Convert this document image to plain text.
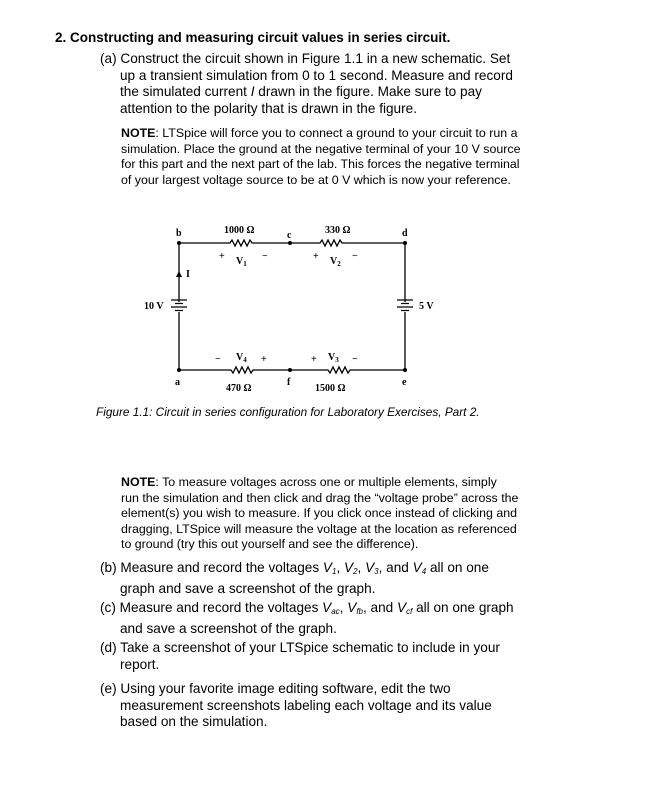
2. Constructing and measuring circuit values in series circuit.
(a) Construct the circuit shown in Figure 1.1 in a new schematic. Set
up a transient simulation from 0 to 1 second. Measure and record
the simulated current I drawn in the figure. Make sure to pay
attention to the polarity that is drawn in the figure.
NOTE: LTSpice will force you to connect a ground to your circuit to run a
simulation. Place the ground at the negative terminal of your 10 V source
for this part and the next part of the lab. This forces the negative terminal
of your largest voltage source to be at 0 V which is now your reference.
b	c	d
a	f	e
1000 Ω	330 Ω
1500 Ω
470 Ω
+ $V_1$
−	+ $V_2$
−
+ $V_3$ −
− $V_4$ +
I
10 V	5 V
Figure 1.1: Circuit in series configuration for Laboratory Exercises, Part 2.
NOTE: To measure voltages across one or multiple elements, simply
run the simulation and then click and drag the “voltage probe” across the
element(s) you wish to measure. If you click once instead of clicking and
dragging, LTSpice will measure the voltage at the location as referenced
to ground (try this out yourself and see the difference).
(b) Measure and record the voltages $V_1$, $V_2$, $V_3$, and $V_4$ all on one
graph and save a screenshot of the graph.
(c) Measure and record the voltages $V_{ac}$, $V_{fb}$, and $V_{cf}$ all on one graph
and save a screenshot of the graph.
(d) Take a screenshot of your LTSpice schematic to include in your
report.
(e) Using your favorite image editing software, edit the two
measurement screenshots labeling each voltage and its value
based on the simulation.
